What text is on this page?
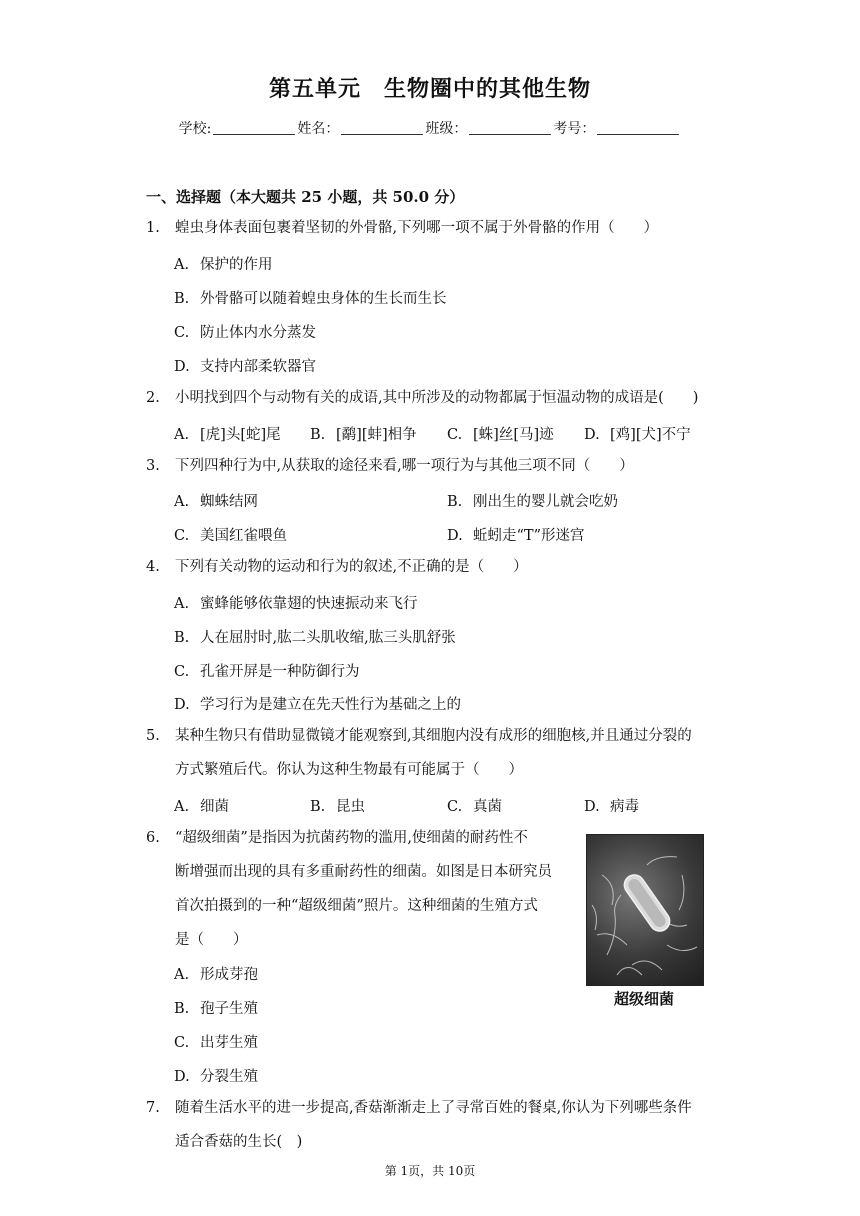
第五单元　生物圈中的其他生物
学校:	姓名：	班级：	考号：
一、选择题（本大题共 25 小题，共 50.0 分）
1. 蝗虫身体表面包裹着坚韧的外骨骼,下列哪一项不属于外骨骼的作用（　　）
A. 保护的作用
B. 外骨骼可以随着蝗虫身体的生长而生长
C. 防止体内水分蒸发
D. 支持内部柔软器官
2. 小明找到四个与动物有关的成语,其中所涉及的动物都属于恒温动物的成语是(　　)
A. [虎]头[蛇]尾 B. [鹬][蚌]相争 C. [蛛]丝[马]迹 D. [鸡][犬]不宁
3. 下列四种行为中,从获取的途径来看,哪一项行为与其他三项不同（　　）
A. 蜘蛛结网	B. 刚出生的婴儿就会吃奶
C. 美国红雀喂鱼	D. 蚯蚓走“T”形迷宫
4. 下列有关动物的运动和行为的叙述,不正确的是（　　）
A. 蜜蜂能够依靠翅的快速振动来飞行
B. 人在屈肘时,肱二头肌收缩,肱三头肌舒张
C. 孔雀开屏是一种防御行为
D. 学习行为是建立在先天性行为基础之上的
5. 某种生物只有借助显微镜才能观察到,其细胞内没有成形的细胞核,并且通过分裂的
方式繁殖后代。你认为这种生物最有可能属于（　　）
A. 细菌	B. 昆虫	C. 真菌	D. 病毒
6. “超级细菌”是指因为抗菌药物的滥用,使细菌的耐药性不
断增强而出现的具有多重耐药性的细菌。如图是日本研究员
首次拍摄到的一种“超级细菌”照片。这种细菌的生殖方式
是（　　）
超级细菌
A. 形成芽孢
B. 孢子生殖
C. 出芽生殖
D. 分裂生殖
7. 随着生活水平的进一步提高,香菇渐渐走上了寻常百姓的餐桌,你认为下列哪些条件
适合香菇的生长(　)
第 1页，共 10页
